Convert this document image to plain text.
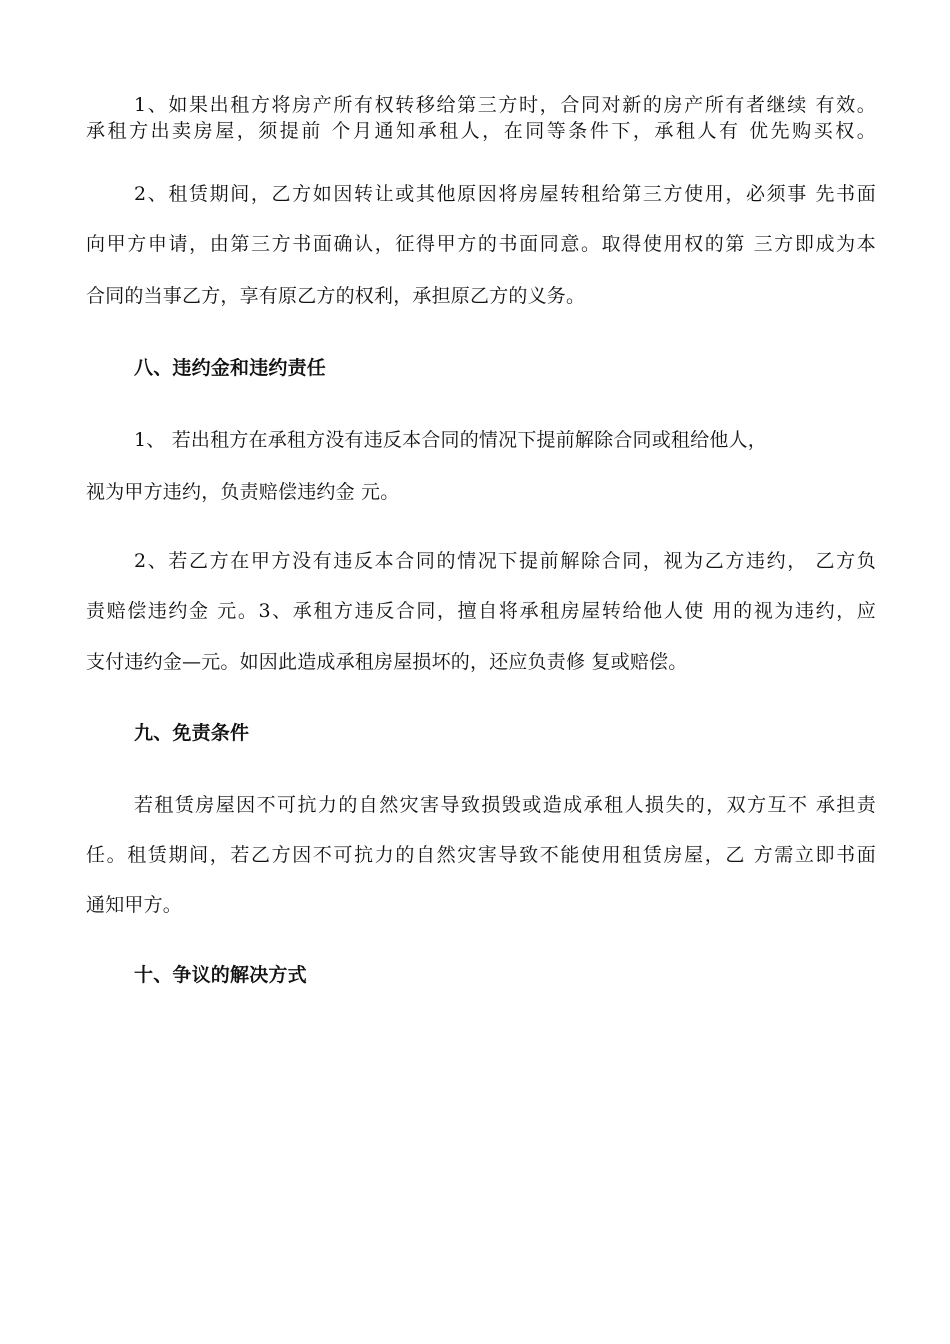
1、如果出租方将房产所有权转移给第三方时，合同对新的房产所有者继续 有效。
承租方出卖房屋，须提前 个月通知承租人，在同等条件下，承租人有 优先购买权。
2、租赁期间，乙方如因转让或其他原因将房屋转租给第三方使用，必须事 先书面
向甲方申请，由第三方书面确认，征得甲方的书面同意。取得使用权的第 三方即成为本
合同的当事乙方，享有原乙方的权利，承担原乙方的义务。
八、违约金和违约责任
1、 若出租方在承租方没有违反本合同的情况下提前解除合同或租给他人，
视为甲方违约，负责赔偿违约金 元。
2、若乙方在甲方没有违反本合同的情况下提前解除合同，视为乙方违约， 乙方负
责赔偿违约金 元。3、承租方违反合同，擅自将承租房屋转给他人使 用的视为违约，应
支付违约金—元。如因此造成承租房屋损坏的，还应负责修 复或赔偿。
九、免责条件
若租赁房屋因不可抗力的自然灾害导致损毁或造成承租人损失的，双方互不 承担责
任。租赁期间，若乙方因不可抗力的自然灾害导致不能使用租赁房屋，乙 方需立即书面
通知甲方。
十、争议的解决方式
